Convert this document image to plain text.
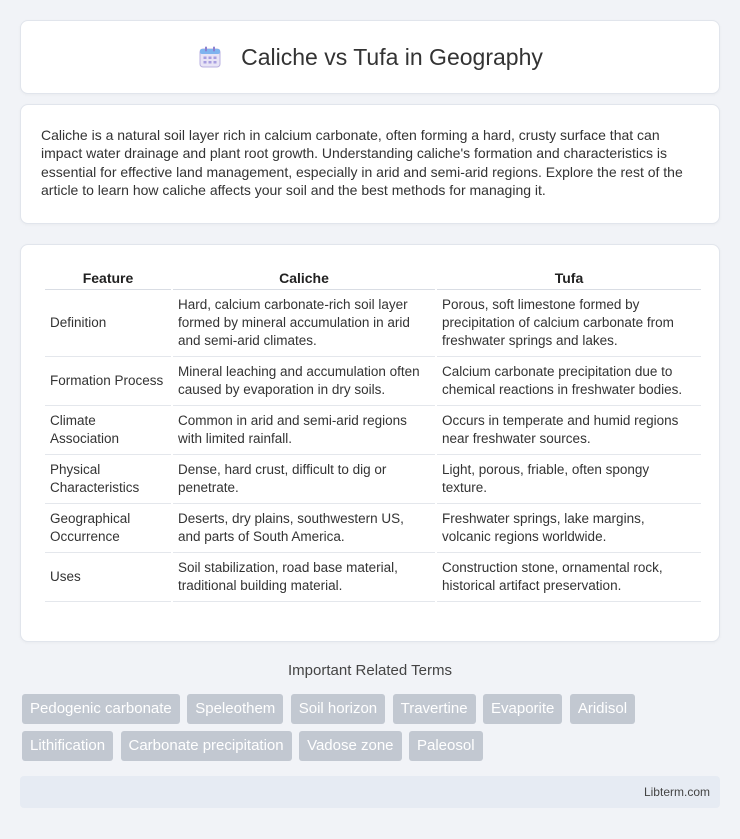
Caliche vs Tufa in Geography

Caliche is a natural soil layer rich in calcium carbonate, often forming a hard, crusty surface that can impact water drainage and plant root growth. Understanding caliche's formation and characteristics is essential for effective land management, especially in arid and semi-arid regions. Explore the rest of the article to learn how caliche affects your soil and the best methods for managing it.

Feature	Caliche	Tufa
Definition	Hard, calcium carbonate-rich soil layer formed by mineral accumulation in arid and semi-arid climates.	Porous, soft limestone formed by precipitation of calcium carbonate from freshwater springs and lakes.
Formation Process	Mineral leaching and accumulation often caused by evaporation in dry soils.	Calcium carbonate precipitation due to chemical reactions in freshwater bodies.
Climate Association	Common in arid and semi-arid regions with limited rainfall.	Occurs in temperate and humid regions near freshwater sources.
Physical Characteristics	Dense, hard crust, difficult to dig or penetrate.	Light, porous, friable, often spongy texture.
Geographical Occurrence	Deserts, dry plains, southwestern US, and parts of South America.	Freshwater springs, lake margins, volcanic regions worldwide.
Uses	Soil stabilization, road base material, traditional building material.	Construction stone, ornamental rock, historical artifact preservation.
Important Related Terms
Pedogenic carbonate Speleothem Soil horizon Travertine Evaporite Aridisol Lithification Carbonate precipitation Vadose zone Paleosol
Libterm.com
